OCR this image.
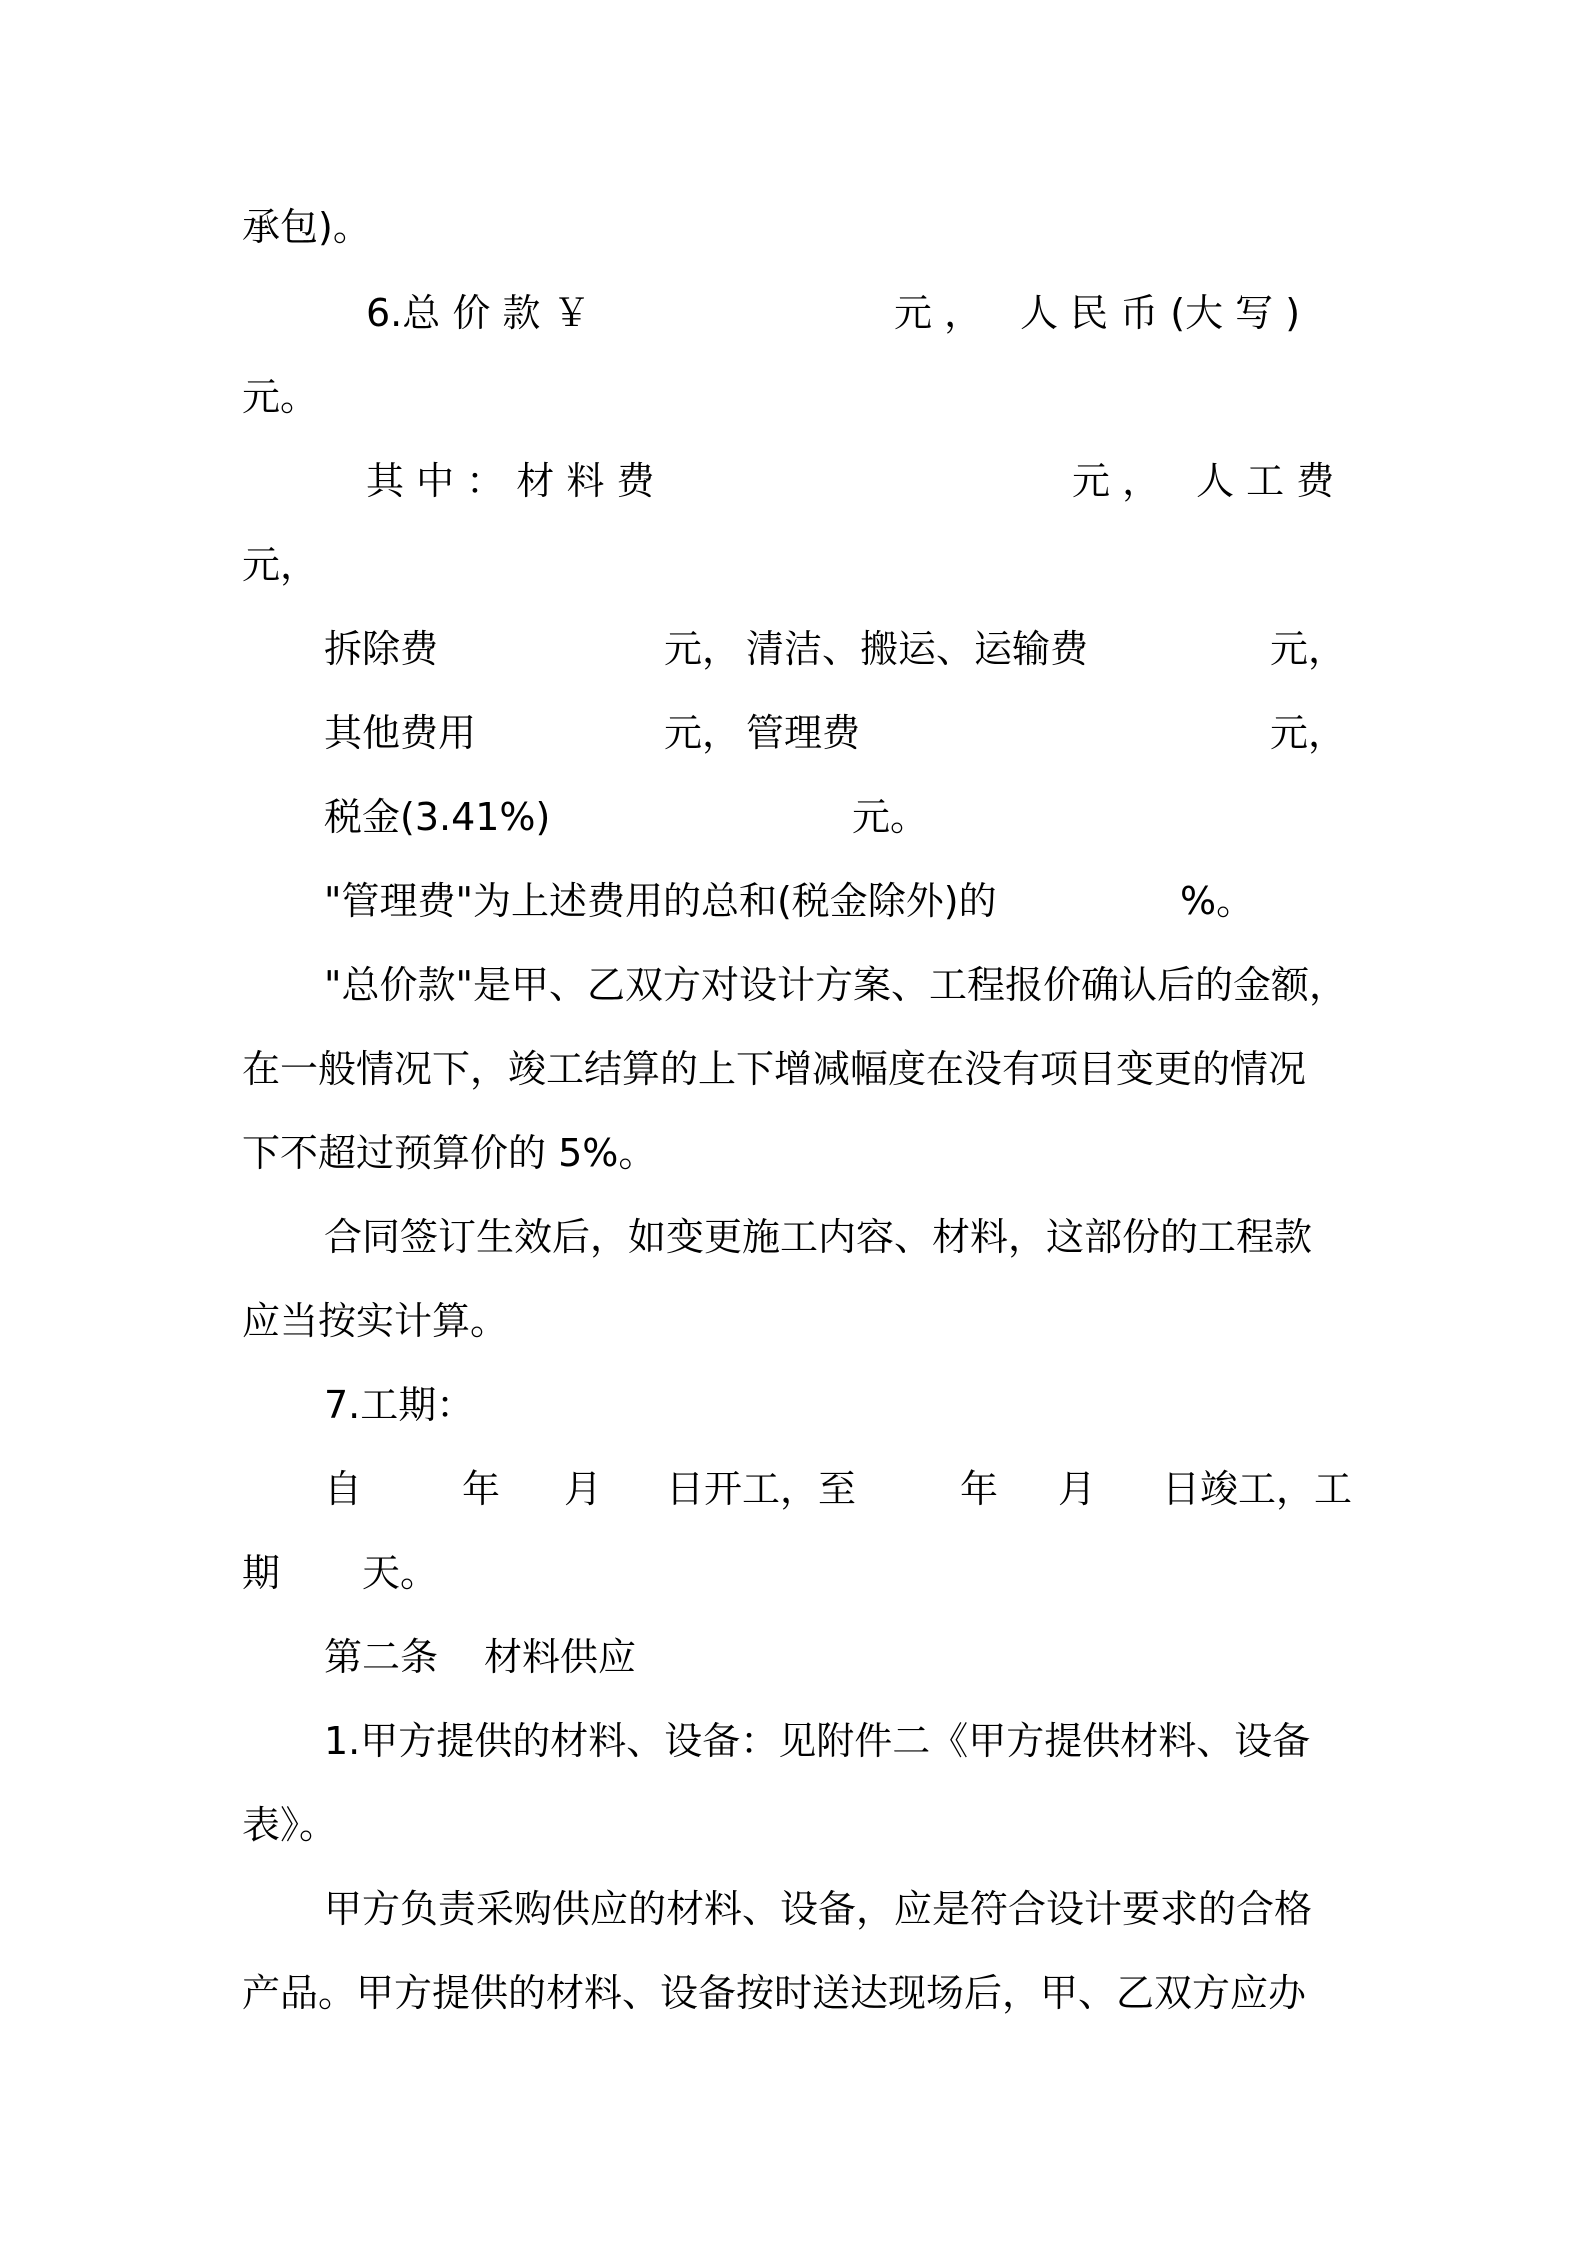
承包)。
6.总 价 款 ￥	元 ， 人 民 币 (大 写 )
元。
其 中 ： 材 料 费	元 ， 人 工 费
元，
拆除费	元， 清洁、搬运、运输费	元，
其他费用	元， 管理费	元，
税金(3.41%)	元。
"管理费"为上述费用的总和(税金除外)的	%。
"总价款"是甲、乙双方对设计方案、工程报价确认后的金额，
在一般情况下，竣工结算的上下增减幅度在没有项目变更的情况
下不超过预算价的 5%。
合同签订生效后，如变更施工内容、材料，这部份的工程款
应当按实计算。
7.工期：
自	年 月 日开工，至	年 月 日竣工，工
期 天。
第二条 材料供应
1.甲方提供的材料、设备：见附件二《甲方提供材料、设备
表》。
甲方负责采购供应的材料、设备，应是符合设计要求的合格
产品。甲方提供的材料、设备按时送达现场后，甲、乙双方应办
